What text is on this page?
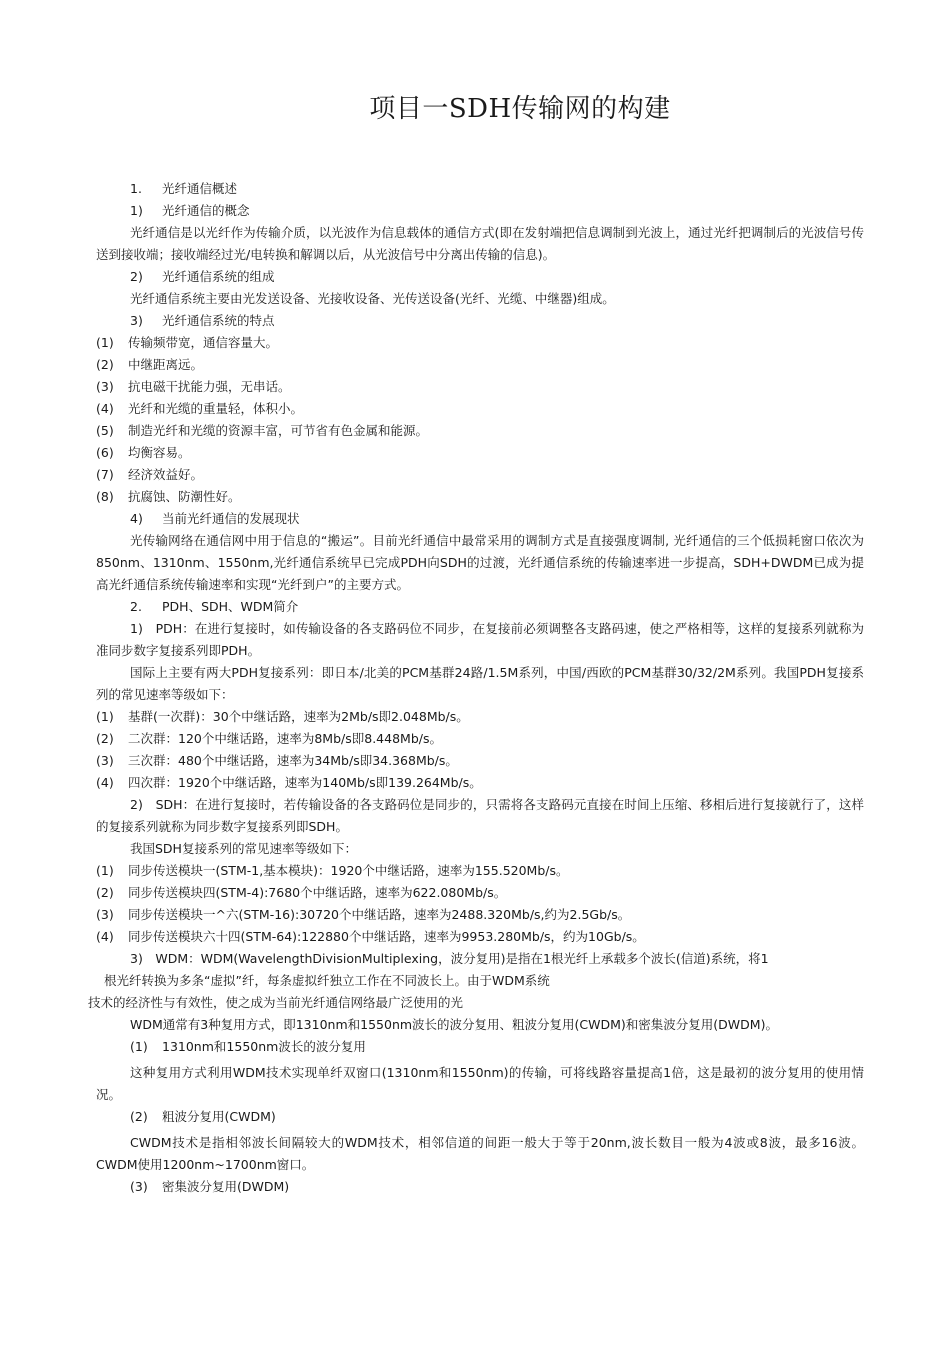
项目一SDH传输网的构建
1. 光纤通信概述
1) 光纤通信的概念
光纤通信是以光纤作为传输介质，以光波作为信息载体的通信方式(即在发射端把信息调制到光波上，通过光纤把调制后的光波信号传送到接收端；接收端经过光/电转换和解调以后，从光波信号中分离出传输的信息)。
2) 光纤通信系统的组成
光纤通信系统主要由光发送设备、光接收设备、光传送设备(光纤、光缆、中继器)组成。
3) 光纤通信系统的特点
(1) 传输频带宽，通信容量大。
(2) 中继距离远。
(3) 抗电磁干扰能力强，无串话。
(4) 光纤和光缆的重量轻，体积小。
(5) 制造光纤和光缆的资源丰富，可节省有色金属和能源。
(6) 均衡容易。
(7) 经济效益好。
(8) 抗腐蚀、防潮性好。
4) 当前光纤通信的发展现状
光传输网络在通信网中用于信息的“搬运”。目前光纤通信中最常采用的调制方式是直接强度调制, 光纤通信的三个低损耗窗口依次为850nm、1310nm、1550nm,光纤通信系统早已完成PDH向SDH的过渡，光纤通信系统的传输速率进一步提高，SDH+DWDM已成为提高光纤通信系统传输速率和实现“光纤到户”的主要方式。
2. PDH、SDH、WDM简介
1)　PDH：在进行复接时，如传输设备的各支路码位不同步，在复接前必须调整各支路码速，使之严格相等，这样的复接系列就称为准同步数字复接系列即PDH。
国际上主要有两大PDH复接系列：即日本/北美的PCM基群24路/1.5M系列，中国/西欧的PCM基群30/32/2M系列。我国PDH复接系列的常见速率等级如下：
(1) 基群(一次群)：30个中继话路，速率为2Mb/s即2.048Mb/s。
(2) 二次群：120个中继话路，速率为8Mb/s即8.448Mb/s。
(3) 三次群：480个中继话路，速率为34Mb/s即34.368Mb/s。
(4) 四次群：1920个中继话路，速率为140Mb/s即139.264Mb/s。
2)　SDH：在进行复接时，若传输设备的各支路码位是同步的，只需将各支路码元直接在时间上压缩、移相后进行复接就行了，这样的复接系列就称为同步数字复接系列即SDH。
我国SDH复接系列的常见速率等级如下：
(1) 同步传送模块一(STM-1,基本模块)：1920个中继话路，速率为155.520Mb/s。
(2) 同步传送模块四(STM-4):7680个中继话路，速率为622.080Mb/s。
(3) 同步传送模块一^六(STM-16):30720个中继话路，速率为2488.320Mb/s,约为2.5Gb/s。
(4) 同步传送模块六十四(STM-64):122880个中继话路，速率为9953.280Mb/s，约为10Gb/s。
3)　WDM：WDM(WavelengthDivisionMultiplexing，波分复用)是指在1根光纤上承载多个波长(信道)系统，将1
根光纤转换为多条“虚拟”纤，每条虚拟纤独立工作在不同波长上。由于WDM系统
技术的经济性与有效性，使之成为当前光纤通信网络最广泛使用的光
WDM通常有3种复用方式，即1310nm和1550nm波长的波分复用、粗波分复用(CWDM)和密集波分复用(DWDM)。
(1) 1310nm和1550nm波长的波分复用
这种复用方式利用WDM技术实现单纤双窗口(1310nm和1550nm)的传输，可将线路容量提高1倍，这是最初的波分复用的使用情况。
(2) 粗波分复用(CWDM)
CWDM技术是指相邻波长间隔较大的WDM技术，相邻信道的间距一般大于等于20nm,波长数目一般为4波或8波，最多16波。CWDM使用1200nm~1700nm窗口。
(3) 密集波分复用(DWDM)
